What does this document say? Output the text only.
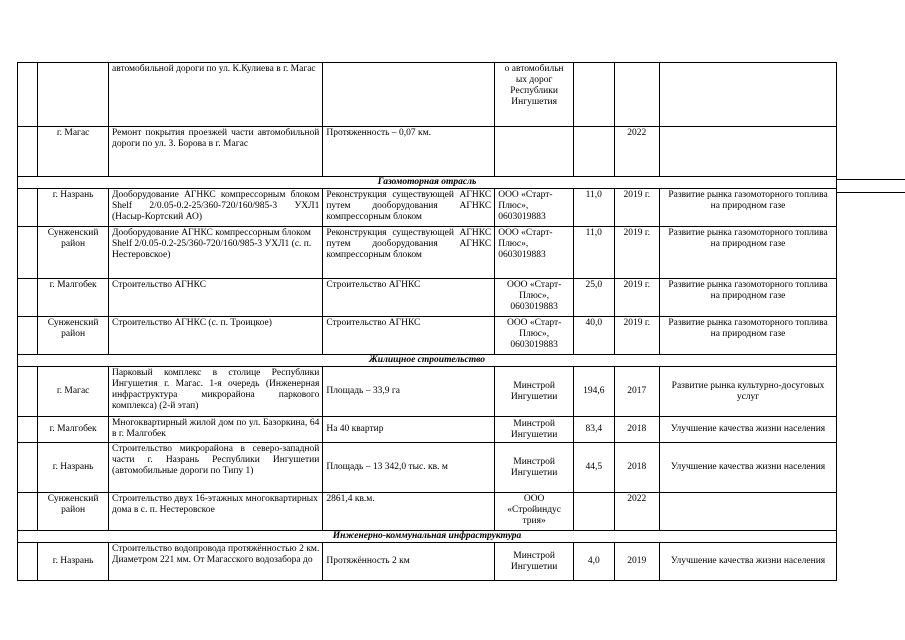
		автомобильной дороги по ул. К.Кулиева в г. Магас		о автомобильн ых дорог Республики Ингушетия			
	г. Магас	Ремонт покрытия проезжей части автомобильной дороги по ул. З. Борова в г. Магас	Протяженность – 0,07 км.			2022	
Газомоторная отрасль							
	г. Назрань	Дооборудование АГНКС компрессорным блоком Shelf 2/0.05-0.2-25/360-720/160/985-3 УХЛ1 (Насыр-Кортский АО)	Реконструкция существующей АГНКС путем дооборудования АГНКС компрессорным блоком	ООО «Старт-Плюс», 0603019883	11,0	2019 г.	Развитие рынка газомоторного топлива на природном газе
	Сунженский район	Дооборудование АГНКС компрессорным блоком Shelf 2/0.05-0.2-25/360-720/160/985-3 УХЛ1 (с. п. Нестеровское)	Реконструкция существующей АГНКС путем дооборудования АГНКС компрессорным блоком	ООО «Старт-Плюс», 0603019883	11,0	2019 г.	Развитие рынка газомоторного топлива на природном газе
	г. Малгобек	Строительство АГНКС	Строительство АГНКС	ООО «Старт-Плюс», 0603019883	25,0	2019 г.	Развитие рынка газомоторного топлива на природном газе
	Сунженский район	Строительство АГНКС (с. п. Троицкое)	Строительство АГНКС	ООО «Старт-Плюс», 0603019883	40,0	2019 г.	Развитие рынка газомоторного топлива на природном газе
Жилищное строительство							
	г. Магас	Парковый комплекс в столице Республики Ингушетия г. Магас. 1-я очередь (Инженерная инфраструктура микрорайона паркового комплекса) (2-й этап)	Площадь – 33,9 га	Минстрой Ингушетии	194,6	2017	Развитие рынка культурно-досуговых услуг
	г. Малгобек	Многоквартирный жилой дом по ул. Базоркина, 64 в г. Малгобек	На 40 квартир	Минстрой Ингушетии	83,4	2018	Улучшение качества жизни населения
	г. Назрань	Строительство микрорайона в северо-западной части г. Назрань Республики Ингушетии (автомобильные дороги по Типу 1)	Площадь – 13 342,0 тыс. кв. м	Минстрой Ингушетии	44,5	2018	Улучшение качества жизни населения
	Сунженский район	Строительство двух 16-этажных многоквартирных дома в с. п. Нестеровское	2861,4 кв.м.	ООО «Стройиндус трия»		2022	
Инженерно-коммунальная инфраструктура							
	г. Назрань	Строительство водопровода протяжённостью 2 км. Диаметром 221 мм. От Магасского водозабора до	Протяжённость 2 км	Минстрой Ингушетии	4,0	2019	Улучшение качества жизни населения
